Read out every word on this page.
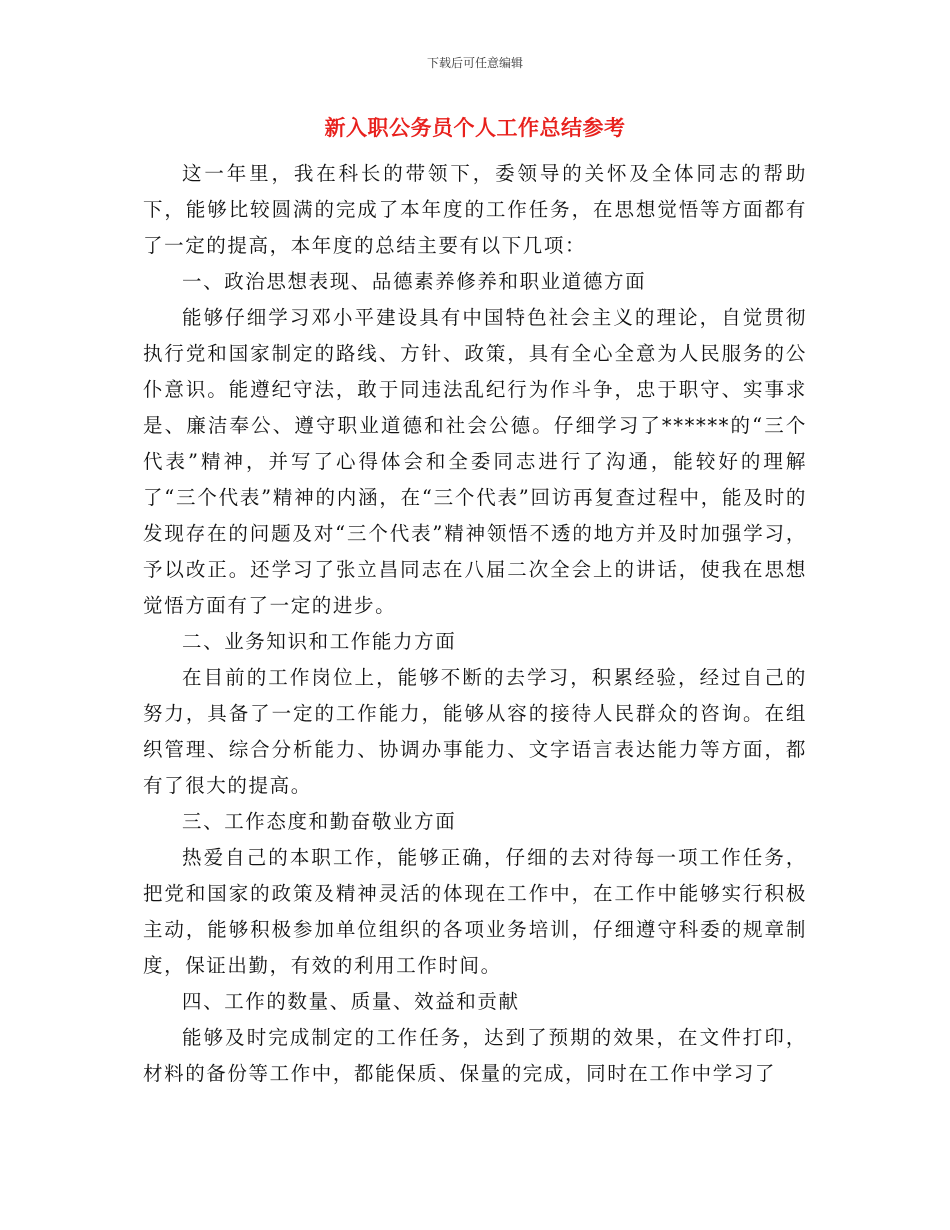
下载后可任意编辑
新入职公务员个人工作总结参考

这一年里，我在科长的带领下，委领导的关怀及全体同志的帮助下，能够比较圆满的完成了本年度的工作任务，在思想觉悟等方面都有了一定的提高，本年度的总结主要有以下几项：

一、政治思想表现、品德素养修养和职业道德方面

能够仔细学习邓小平建设具有中国特色社会主义的理论，自觉贯彻执行党和国家制定的路线、方针、政策，具有全心全意为人民服务的公仆意识。能遵纪守法，敢于同违法乱纪行为作斗争，忠于职守、实事求是、廉洁奉公、遵守职业道德和社会公德。仔细学习了******的“三个代表”精神，并写了心得体会和全委同志进行了沟通，能较好的理解了“三个代表”精神的内涵，在“三个代表”回访再复查过程中，能及时的发现存在的问题及对“三个代表”精神领悟不透的地方并及时加强学习，予以改正。还学习了张立昌同志在八届二次全会上的讲话，使我在思想觉悟方面有了一定的进步。

二、业务知识和工作能力方面

在目前的工作岗位上，能够不断的去学习，积累经验，经过自己的努力，具备了一定的工作能力，能够从容的接待人民群众的咨询。在组织管理、综合分析能力、协调办事能力、文字语言表达能力等方面，都有了很大的提高。

三、工作态度和勤奋敬业方面

热爱自己的本职工作，能够正确，仔细的去对待每一项工作任务，把党和国家的政策及精神灵活的体现在工作中，在工作中能够实行积极主动，能够积极参加单位组织的各项业务培训，仔细遵守科委的规章制度，保证出勤，有效的利用工作时间。

四、工作的数量、质量、效益和贡献

能够及时完成制定的工作任务，达到了预期的效果，在文件打印，材料的备份等工作中，都能保质、保量的完成，同时在工作中学习了
